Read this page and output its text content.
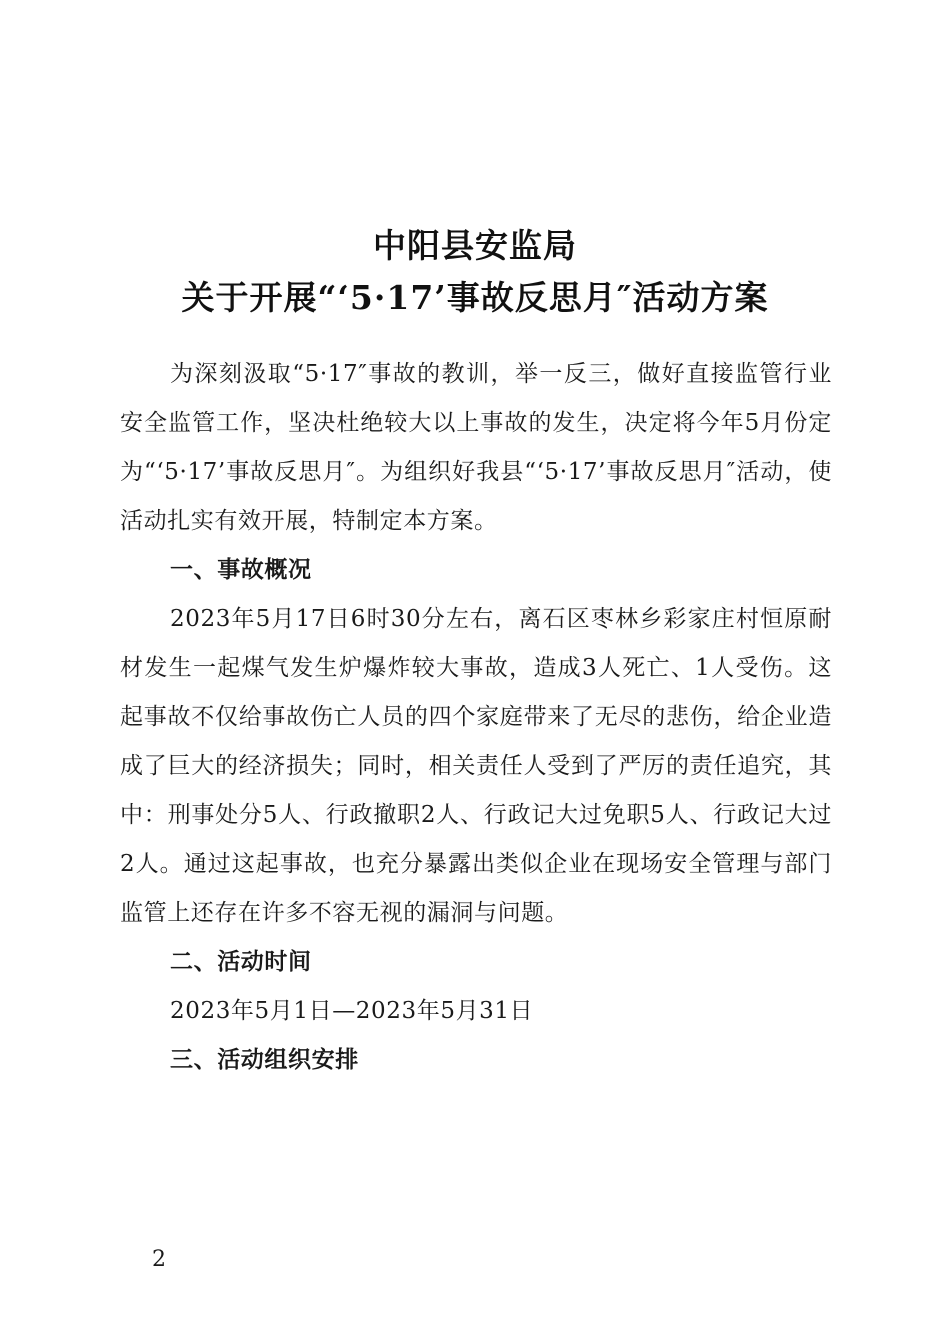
中阳县安监局
关于开展“‘5·17’事故反思月″活动方案

为深刻汲取“5·17″事故的教训，举一反三，做好直接监管行业安全监管工作，坚决杜绝较大以上事故的发生，决定将今年5月份定为“‘5·17’事故反思月″。为组织好我县“‘5·17’事故反思月″活动，使活动扎实有效开展，特制定本方案。

一、事故概况

2023年5月17日6时30分左右，离石区枣林乡彩家庄村恒原耐材发生一起煤气发生炉爆炸较大事故，造成3人死亡、1人受伤。这起事故不仅给事故伤亡人员的四个家庭带来了无尽的悲伤，给企业造成了巨大的经济损失；同时，相关责任人受到了严厉的责任追究，其中：刑事处分5人、行政撤职2人、行政记大过免职5人、行政记大过2人。通过这起事故，也充分暴露出类似企业在现场安全管理与部门监管上还存在许多不容无视的漏洞与问题。

二、活动时间

2023年5月1日—2023年5月31日

三、活动组织安排

2
